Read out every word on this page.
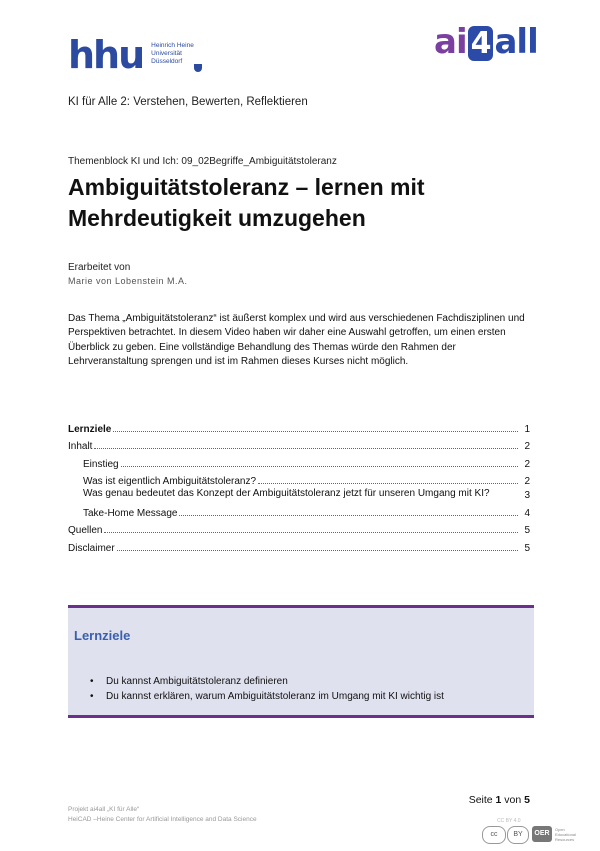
hhu Heinrich Heine
Universität
Düsseldorf	ai 4 all
KI für Alle 2: Verstehen, Bewerten, Reflektieren
Themenblock KI und Ich: 09_02Begriffe_Ambiguitätstoleranz
Ambiguitätstoleranz – lernen mit Mehrdeutigkeit umzugehen
Erarbeitet von
Marie von Lobenstein M.A.

Das Thema „Ambiguitätstoleranz“ ist äußerst komplex und wird aus verschiedenen Fachdisziplinen und Perspektiven betrachtet. In diesem Video haben wir daher eine Auswahl getroffen, um einen ersten Überblick zu geben. Eine vollständige Behandlung des Themas würde den Rahmen der Lehrveranstaltung sprengen und ist im Rahmen dieses Kurses nicht möglich.

Lernziele	1
Inhalt	2
Einstieg	2
Was ist eigentlich Ambiguitätstoleranz?	2
Was genau bedeutet das Konzept der Ambiguitätstoleranz jetzt für unseren Umgang mit KI?	3
Take-Home Message	4
Quellen	5
Disclaimer	5
Lernziele
• Du kannst Ambiguitätstoleranz definieren
• Du kannst erklären, warum Ambiguitätstoleranz im Umgang mit KI wichtig ist
Seite 1 von 5
Projekt ai4all „KI für Alle“
HeiCAD –Heine Center for Artificial Intelligence and Data Science	CC BY 4.0
cc	BY	OER
Open
Educational
Resources
